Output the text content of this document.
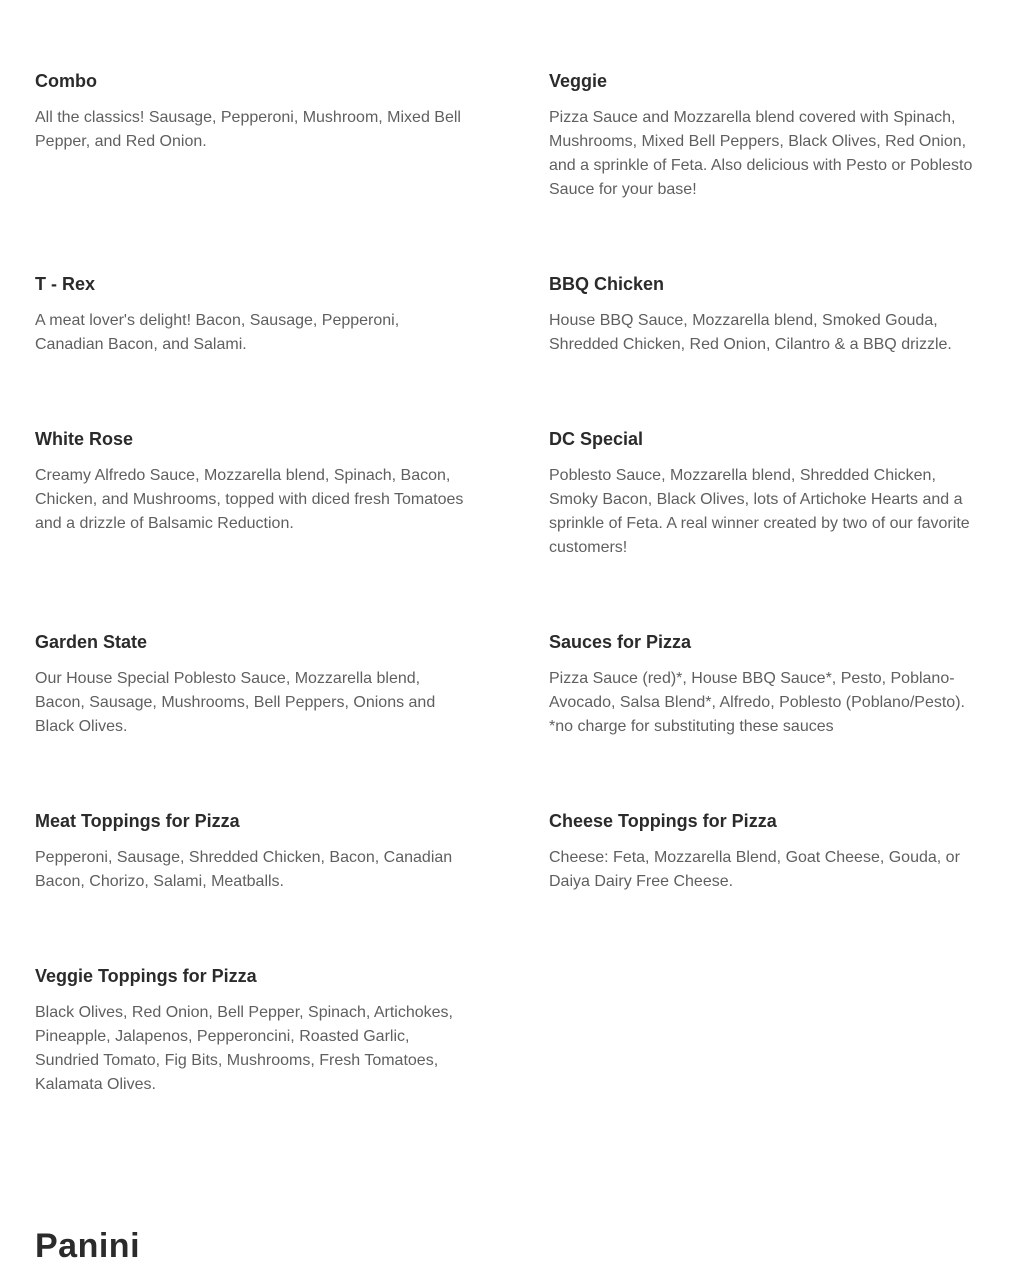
Combo

All the classics! Sausage, Pepperoni, Mushroom, Mixed Bell Pepper, and Red Onion.

Veggie

Pizza Sauce and Mozzarella blend covered with Spinach, Mushrooms, Mixed Bell Peppers, Black Olives, Red Onion, and a sprinkle of Feta. Also delicious with Pesto or Poblesto Sauce for your base!

T - Rex

A meat lover's delight! Bacon, Sausage, Pepperoni, Canadian Bacon, and Salami.

BBQ Chicken

House BBQ Sauce, Mozzarella blend, Smoked Gouda, Shredded Chicken, Red Onion, Cilantro & a BBQ drizzle.

White Rose

Creamy Alfredo Sauce, Mozzarella blend, Spinach, Bacon, Chicken, and Mushrooms, topped with diced fresh Tomatoes and a drizzle of Balsamic Reduction.

DC Special

Poblesto Sauce, Mozzarella blend, Shredded Chicken, Smoky Bacon, Black Olives, lots of Artichoke Hearts and a sprinkle of Feta. A real winner created by two of our favorite customers!

Garden State

Our House Special Poblesto Sauce, Mozzarella blend, Bacon, Sausage, Mushrooms, Bell Peppers, Onions and Black Olives.

Sauces for Pizza

Pizza Sauce (red)*, House BBQ Sauce*, Pesto, Poblano-Avocado, Salsa Blend*, Alfredo, Poblesto (Poblano/Pesto). *no charge for substituting these sauces

Meat Toppings for Pizza

Pepperoni, Sausage, Shredded Chicken, Bacon, Canadian Bacon, Chorizo, Salami, Meatballs.

Cheese Toppings for Pizza

Cheese: Feta, Mozzarella Blend, Goat Cheese, Gouda, or Daiya Dairy Free Cheese.

Veggie Toppings for Pizza

Black Olives, Red Onion, Bell Pepper, Spinach, Artichokes, Pineapple, Jalapenos, Pepperoncini, Roasted Garlic, Sundried Tomato, Fig Bits, Mushrooms, Fresh Tomatoes, Kalamata Olives.

Panini
